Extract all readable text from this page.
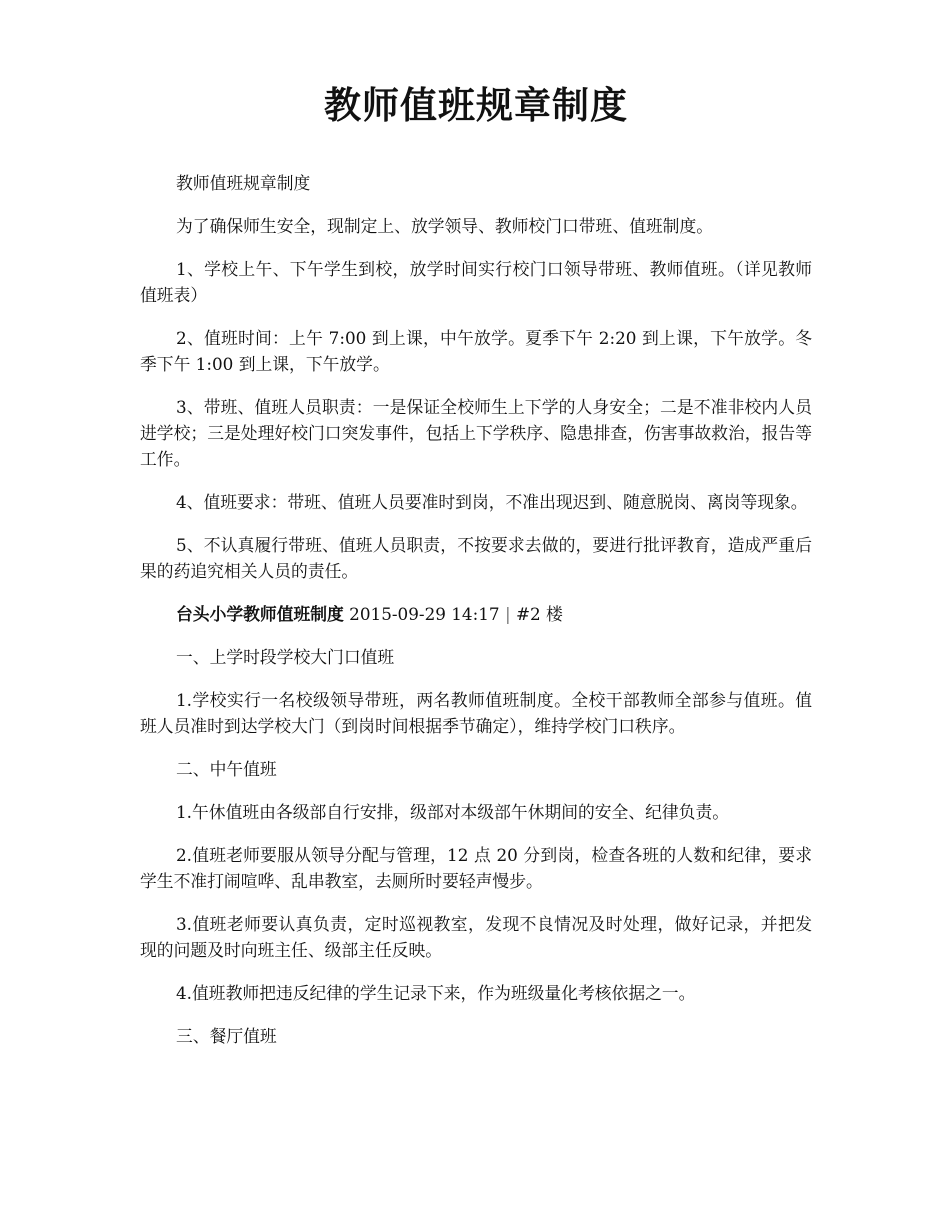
教师值班规章制度

教师值班规章制度

为了确保师生安全，现制定上、放学领导、教师校门口带班、值班制度。

1、学校上午、下午学生到校，放学时间实行校门口领导带班、教师值班。（详见教师值班表）

2、值班时间：上午 7:00 到上课，中午放学。夏季下午 2:20 到上课，下午放学。冬季下午 1:00 到上课，下午放学。

3、带班、值班人员职责：一是保证全校师生上下学的人身安全；二是不准非校内人员进学校；三是处理好校门口突发事件，包括上下学秩序、隐患排查，伤害事故救治，报告等工作。

4、值班要求：带班、值班人员要准时到岗，不准出现迟到、随意脱岗、离岗等现象。

5、不认真履行带班、值班人员职责，不按要求去做的，要进行批评教育，造成严重后果的药追究相关人员的责任。

台头小学教师值班制度 2015-09-29 14:17 | #2 楼

一、上学时段学校大门口值班

1.学校实行一名校级领导带班，两名教师值班制度。全校干部教师全部参与值班。值班人员准时到达学校大门（到岗时间根据季节确定），维持学校门口秩序。

二、中午值班

1.午休值班由各级部自行安排，级部对本级部午休期间的安全、纪律负责。

2.值班老师要服从领导分配与管理，12 点 20 分到岗，检查各班的人数和纪律，要求学生不准打闹喧哗、乱串教室，去厕所时要轻声慢步。

3.值班老师要认真负责，定时巡视教室，发现不良情况及时处理，做好记录，并把发现的问题及时向班主任、级部主任反映。

4.值班教师把违反纪律的学生记录下来，作为班级量化考核依据之一。

三、餐厅值班
